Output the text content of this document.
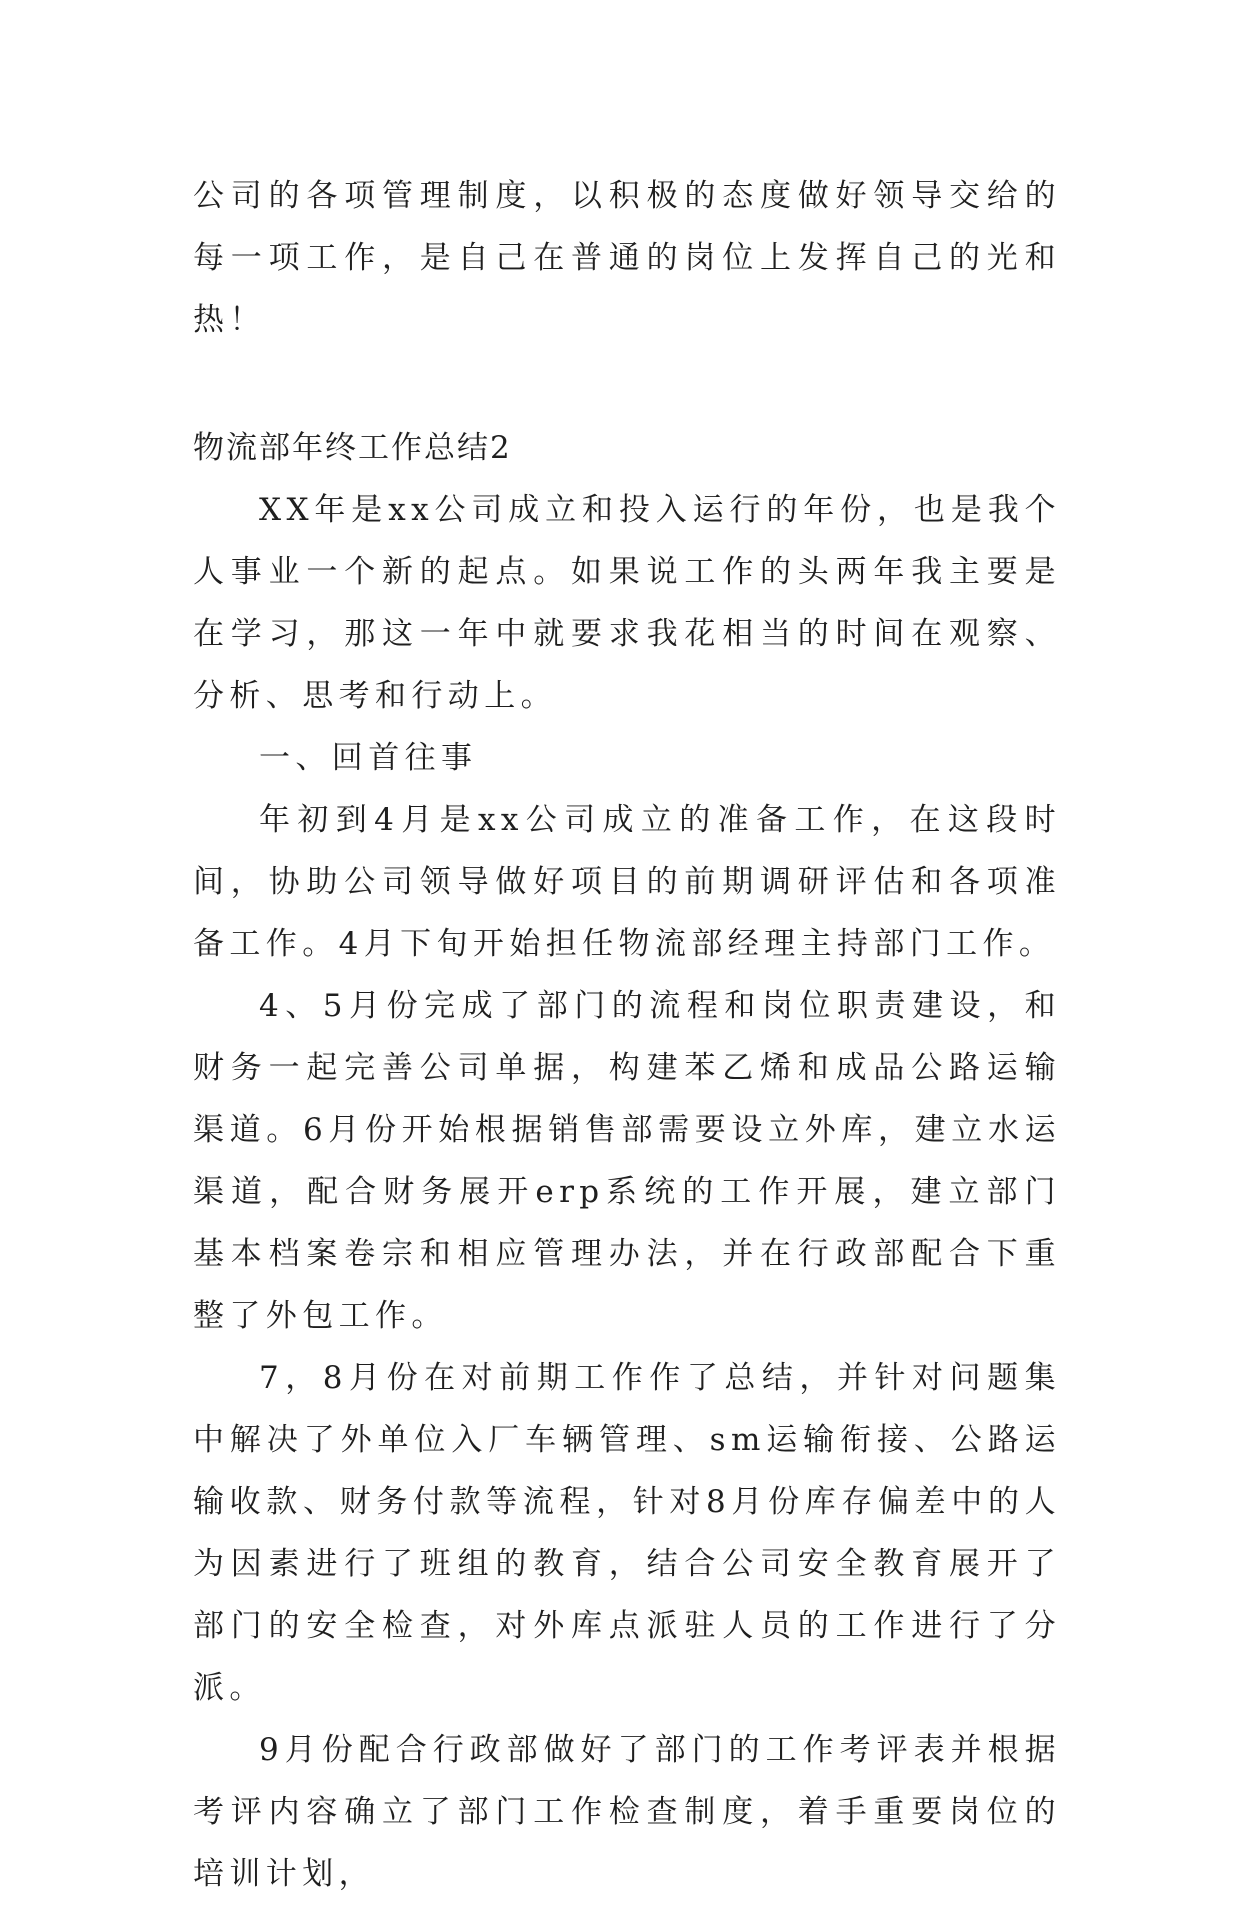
公司的各项管理制度，以积极的态度做好领导交给的每一项工作，是自己在普通的岗位上发挥自己的光和热！

物流部年终工作总结2

XX年是xx公司成立和投入运行的年份，也是我个人事业一个新的起点。如果说工作的头两年我主要是在学习，那这一年中就要求我花相当的时间在观察、分析、思考和行动上。

一、回首往事

年初到4月是xx公司成立的准备工作，在这段时间，协助公司领导做好项目的前期调研评估和各项准备工作。4月下旬开始担任物流部经理主持部门工作。

4、5月份完成了部门的流程和岗位职责建设，和财务一起完善公司单据，构建苯乙烯和成品公路运输渠道。6月份开始根据销售部需要设立外库，建立水运渠道，配合财务展开erp系统的工作开展，建立部门基本档案卷宗和相应管理办法，并在行政部配合下重整了外包工作。

7，8月份在对前期工作作了总结，并针对问题集中解决了外单位入厂车辆管理、sm运输衔接、公路运输收款、财务付款等流程，针对8月份库存偏差中的人为因素进行了班组的教育，结合公司安全教育展开了部门的安全检查，对外库点派驻人员的工作进行了分派。

9月份配合行政部做好了部门的工作考评表并根据考评内容确立了部门工作检查制度，着手重要岗位的培训计划，
